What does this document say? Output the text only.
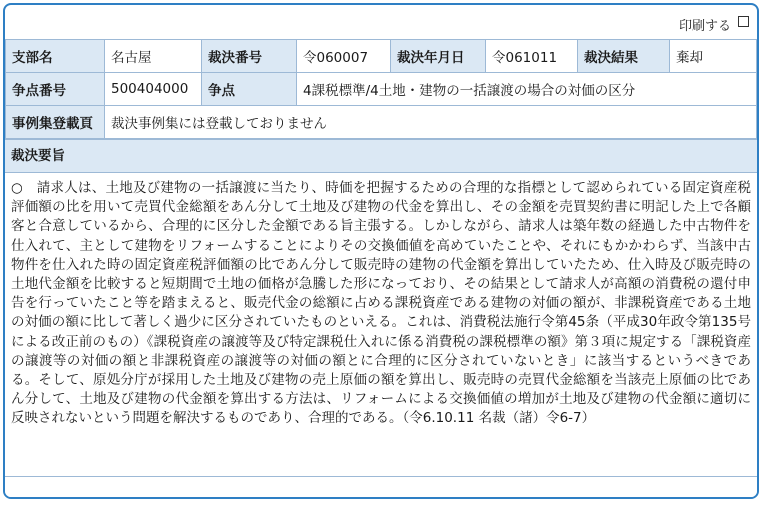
印刷する
支部名	名古屋	裁決番号	令060007	裁決年月日	令061011	裁決結果	棄却
争点番号	500404000	争点	4課税標準/4土地・建物の一括譲渡の場合の対価の区分				
事例集登載頁	裁決事例集には登載しておりません						
裁決要旨
○　請求人は、土地及び建物の一括譲渡に当たり、時価を把握するための合理的な指標として認められている固定資産税評価額の比を用いて売買代金総額をあん分して土地及び建物の代金を算出し、その金額を売買契約書に明記した上で各顧客と合意しているから、合理的に区分した金額である旨主張する。しかしながら、請求人は築年数の経過した中古物件を仕入れて、主として建物をリフォームすることによりその交換価値を高めていたことや、それにもかかわらず、当該中古物件を仕入れた時の固定資産税評価額の比であん分して販売時の建物の代金額を算出していたため、仕入時及び販売時の土地代金額を比較すると短期間で土地の価格が急騰した形になっており、その結果として請求人が高額の消費税の還付申告を行っていたこと等を踏まえると、販売代金の総額に占める課税資産である建物の対価の額が、非課税資産である土地の対価の額に比して著しく過少に区分されていたものといえる。これは、消費税法施行令第45条（平成30年政令第135号による改正前のもの）《課税資産の譲渡等及び特定課税仕入れに係る消費税の課税標準の額》第３項に規定する「課税資産の譲渡等の対価の額と非課税資産の譲渡等の対価の額とに合理的に区分されていないとき」に該当するというべきである。そして、原処分庁が採用した土地及び建物の売上原価の額を算出し、販売時の売買代金総額を当該売上原価の比であん分して、土地及び建物の代金額を算出する方法は、リフォームによる交換価値の増加が土地及び建物の代金額に適切に反映されないという問題を解決するものであり、合理的である。（令6.10.11 名裁（諸）令6-7）
